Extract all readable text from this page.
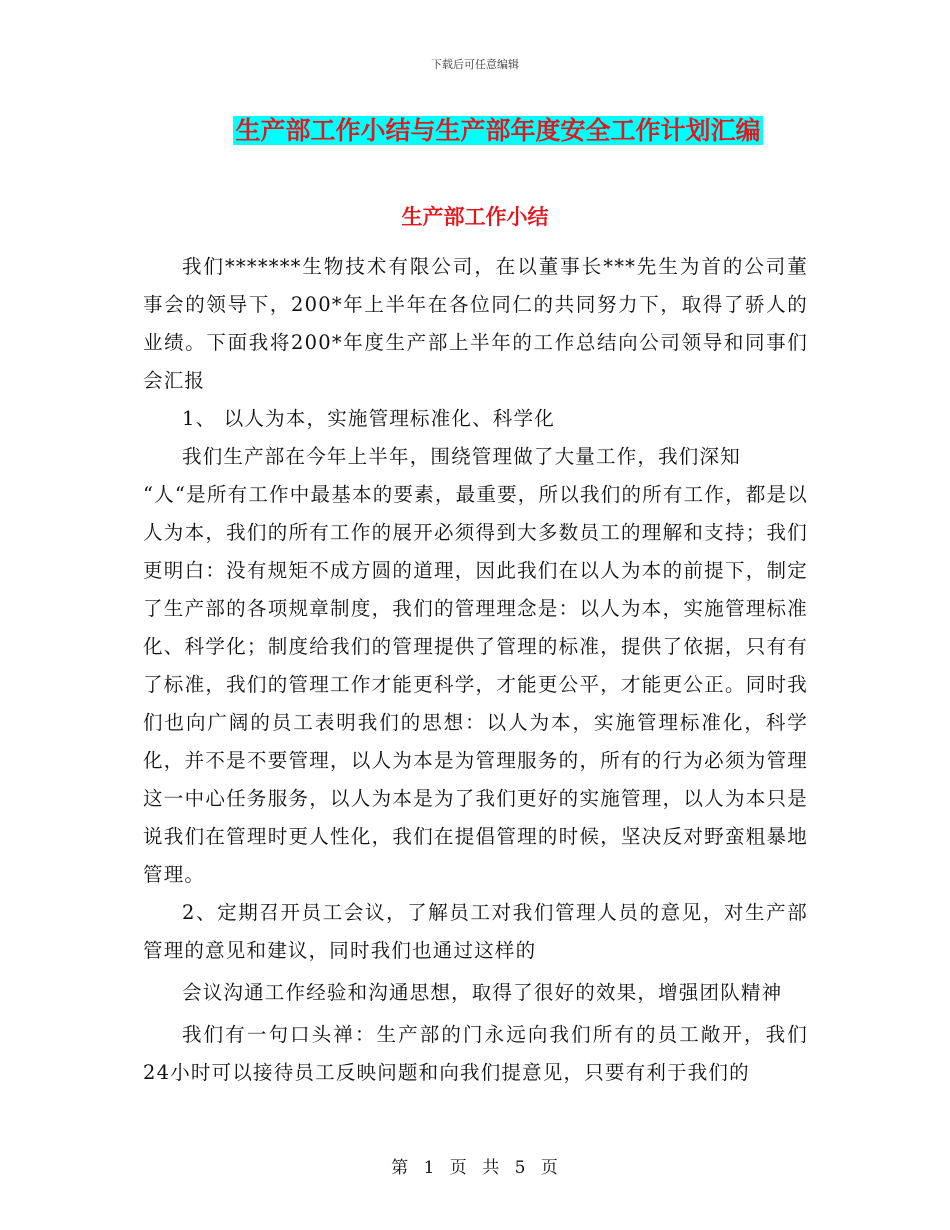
下载后可任意编辑
生产部工作小结与生产部年度安全工作计划汇编
生产部工作小结

我们*******生物技术有限公司，在以董事长***先生为首的公司董事会的领导下，200*年上半年在各位同仁的共同努力下，取得了骄人的业绩。下面我将200*年度生产部上半年的工作总结向公司领导和同事们会汇报

1、 以人为本，实施管理标准化、科学化

我们生产部在今年上半年，围绕管理做了大量工作，我们深知

“人“是所有工作中最基本的要素，最重要，所以我们的所有工作，都是以人为本，我们的所有工作的展开必须得到大多数员工的理解和支持；我们更明白：没有规矩不成方圆的道理，因此我们在以人为本的前提下，制定了生产部的各项规章制度，我们的管理理念是：以人为本，实施管理标准化、科学化；制度给我们的管理提供了管理的标准，提供了依据，只有有了标准，我们的管理工作才能更科学，才能更公平，才能更公正。同时我们也向广阔的员工表明我们的思想：以人为本，实施管理标准化，科学化，并不是不要管理，以人为本是为管理服务的，所有的行为必须为管理这一中心任务服务，以人为本是为了我们更好的实施管理，以人为本只是说我们在管理时更人性化，我们在提倡管理的时候，坚决反对野蛮粗暴地管理。

2、定期召开员工会议，了解员工对我们管理人员的意见，对生产部管理的意见和建议，同时我们也通过这样的

会议沟通工作经验和沟通思想，取得了很好的效果，增强团队精神

我们有一句口头禅：生产部的门永远向我们所有的员工敞开，我们24小时可以接待员工反映问题和向我们提意见，只要有利于我们的

第 1 页 共 5 页
